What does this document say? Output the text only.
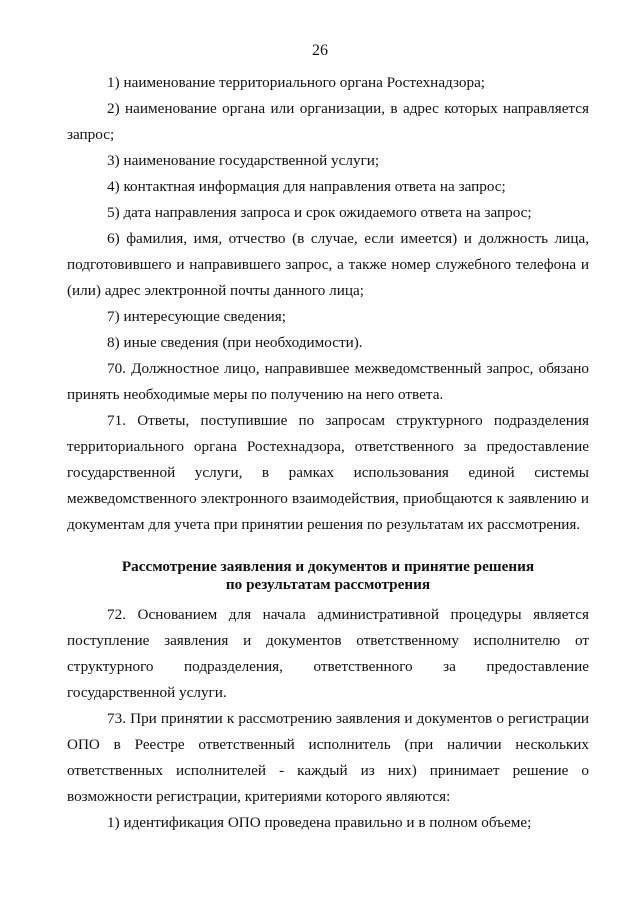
26

1) наименование территориального органа Ростехнадзора;

2) наименование органа или организации, в адрес которых направляется запрос;

3) наименование государственной услуги;

4) контактная информация для направления ответа на запрос;

5) дата направления запроса и срок ожидаемого ответа на запрос;

6) фамилия, имя, отчество (в случае, если имеется) и должность лица, подготовившего и направившего запрос, а также номер служебного телефона и (или) адрес электронной почты данного лица;

7) интересующие сведения;

8) иные сведения (при необходимости).

70. Должностное лицо, направившее межведомственный запрос, обязано принять необходимые меры по получению на него ответа.

71. Ответы, поступившие по запросам структурного подразделения территориального органа Ростехнадзора, ответственного за предоставление государственной услуги, в рамках использования единой системы межведомственного электронного взаимодействия, приобщаются к заявлению и документам для учета при принятии решения по результатам их рассмотрения.

Рассмотрение заявления и документов и принятие решения
по результатам рассмотрения

72. Основанием для начала административной процедуры является поступление заявления и документов ответственному исполнителю от структурного подразделения, ответственного за предоставление государственной услуги.

73. При принятии к рассмотрению заявления и документов о регистрации ОПО в Реестре ответственный исполнитель (при наличии нескольких ответственных исполнителей - каждый из них) принимает решение о возможности регистрации, критериями которого являются:

1) идентификация ОПО проведена правильно и в полном объеме;
